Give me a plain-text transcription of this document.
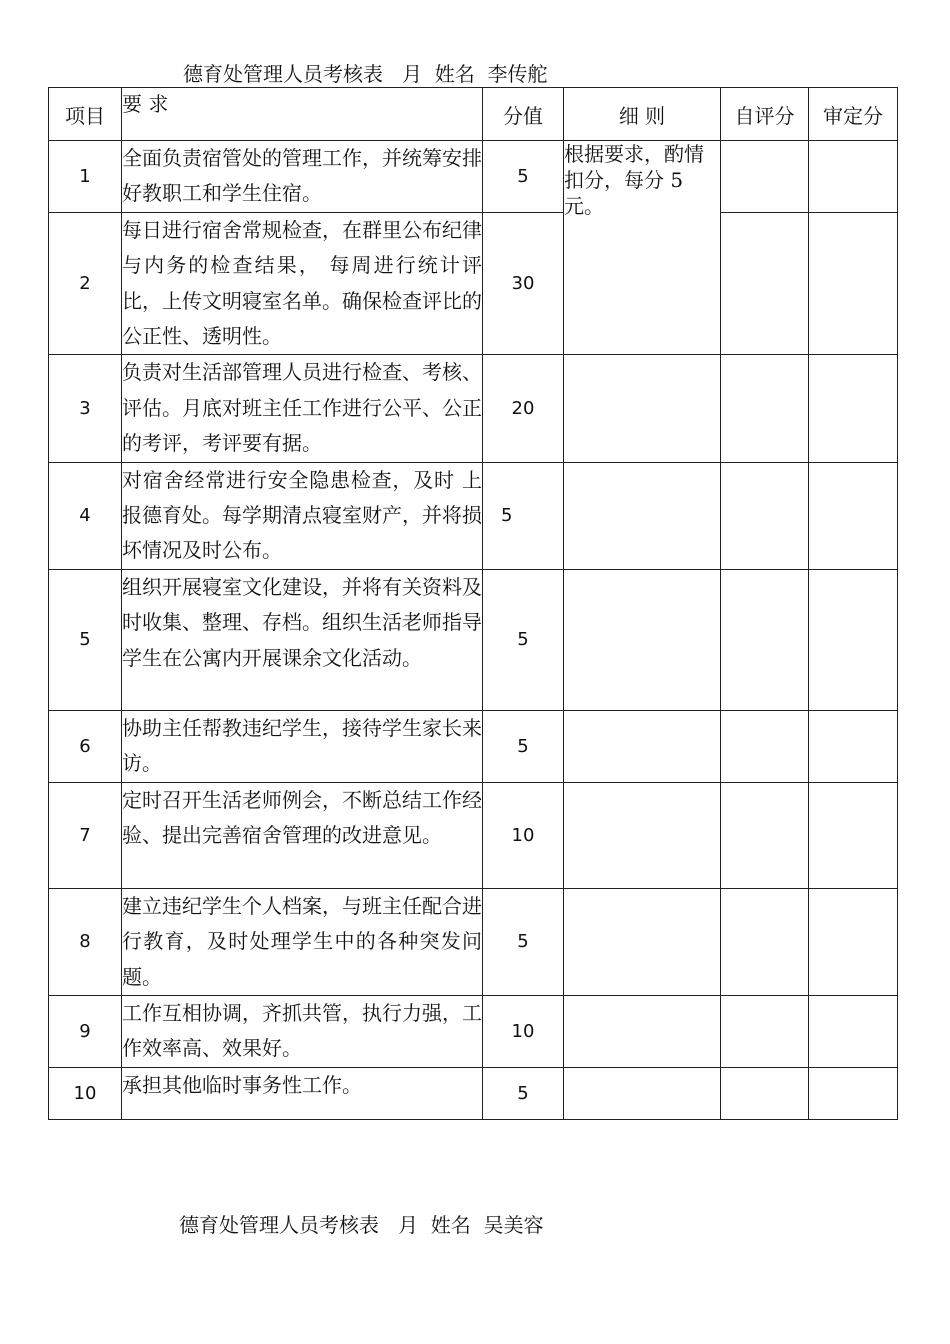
德育处管理人员考核表   月  姓名  李传舵
项目	要 求	分值	细 则	自评分	审定分
1	全面负责宿管处的管理工作，并统筹安排 好教职工和学生住宿。	5	根据要求，酌情扣分，每分 5 元。		
2	每日进行宿舍常规检查，在群里公布纪律与内务的检查结果， 每周进行统计评比，上传文明寝室名单。确保检查评比的公正性、透明性。	30			
3	负责对生活部管理人员进行检查、考核、评估。月底对班主任工作进行公平、公正的考评，考评要有据。	20			
4	对宿舍经常进行安全隐患检查，及时 上报德育处。每学期清点寝室财产，并将损坏情况及时公布。	5			
5	组织开展寝室文化建设，并将有关资料及时收集、整理、存档。组织生活老师指导学生在公寓内开展课余文化活动。	5			
6	协助主任帮教违纪学生，接待学生家长来访。	5			
7	定时召开生活老师例会，不断总结工作经验、提出完善宿舍管理的改进意见。	10			
8	建立违纪学生个人档案，与班主任配合进行教育，及时处理学生中的各种突发问题。	5			
9	工作互相协调，齐抓共管，执行力强，工作效率高、效果好。	10			
10	承担其他临时事务性工作。	5			
德育处管理人员考核表   月  姓名  吴美容
